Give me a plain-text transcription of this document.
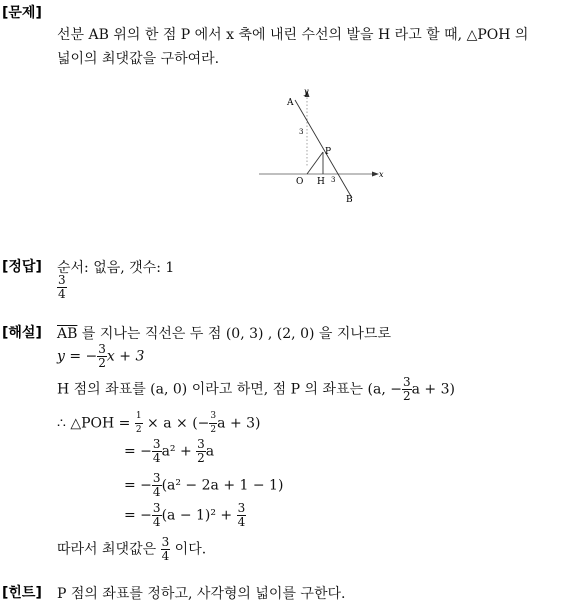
[문제]
선분 AB 위의 한 점 P 에서 x 축에 내린 수선의 발을 H 라고 할 때, △POH 의
넓이의 최댓값을 구하여라.
A
y
P
O H
x
B
3
3
[정답] 순서: 없음, 갯수: 1
$\frac{3}{4}$
[해설] $\overline{AB}$ 를 지나는 직선은 두 점 (0, 3) , (2, 0) 을 지나므로
y = − $\frac{3}{2}$ x + 3
H 점의 좌표를 (a, 0) 이라고 하면, 점 P 의 좌표는 (a, − $\frac{3}{2}$ a + 3)
∴ △POH = $\frac{1}{2} \times a$ × (− $\frac{3}{2}$ a + 3)
= − $\frac{3}{4} a^2 + \frac{3}{2}$ a
= − $\frac{3}{4} (a^2 - 2a + 1 - 1)$
= − $\frac{3}{4} (a - 1)^2 + \frac{3}{4}$
따라서 최댓값은 $\frac{3}{4}$ 이다.
[힌트] P 점의 좌표를 정하고, 사각형의 넓이를 구한다.
